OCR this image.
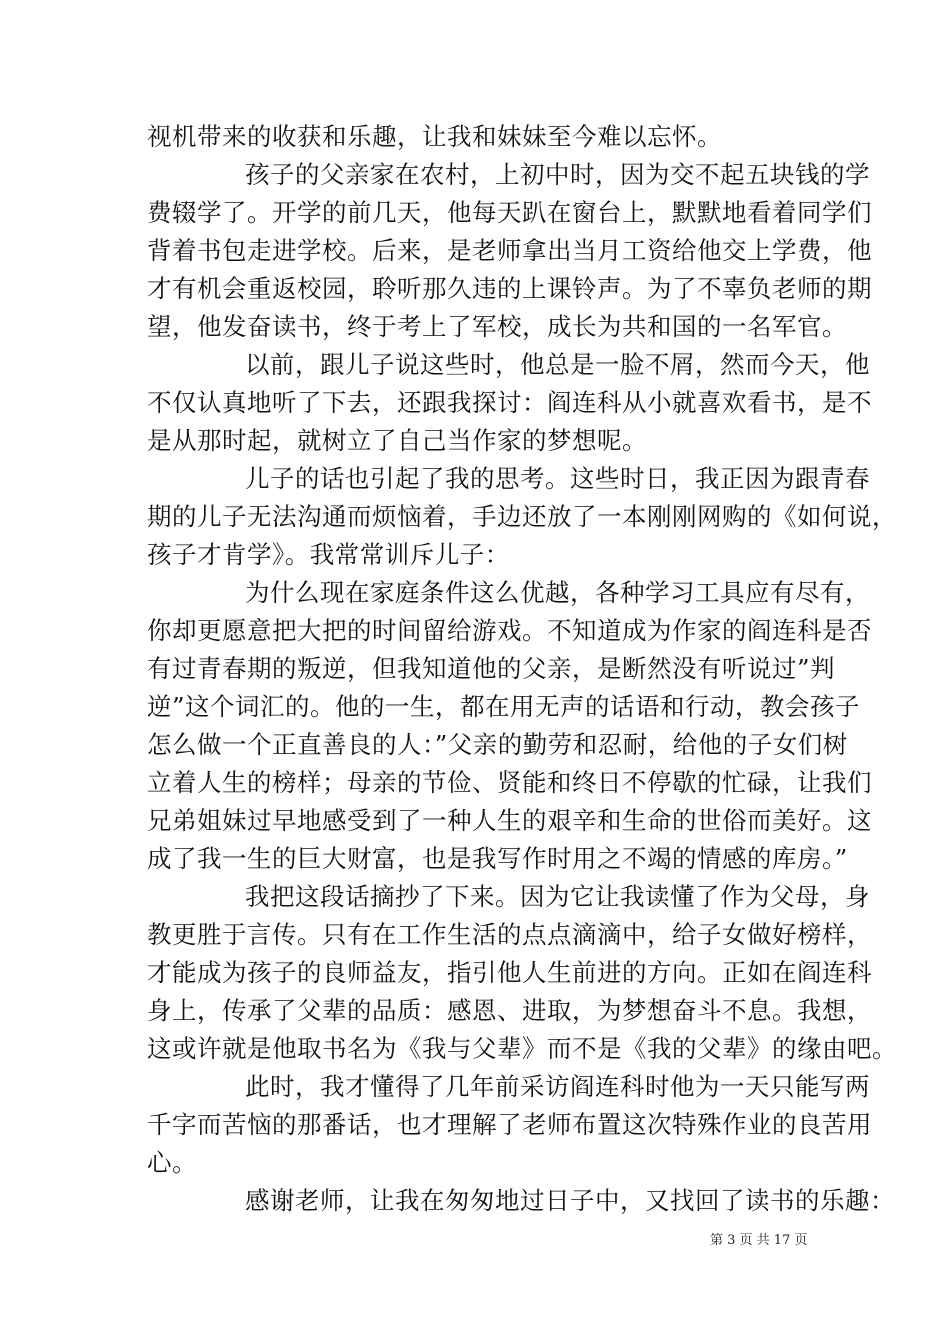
视机带来的收获和乐趣，让我和妹妹至今难以忘怀。
孩子的父亲家在农村，上初中时，因为交不起五块钱的学
费辍学了。开学的前几天，他每天趴在窗台上，默默地看着同学们
背着书包走进学校。后来，是老师拿出当月工资给他交上学费，他
才有机会重返校园，聆听那久违的上课铃声。为了不辜负老师的期
望，他发奋读书，终于考上了军校，成长为共和国的一名军官。
以前，跟儿子说这些时，他总是一脸不屑，然而今天，他
不仅认真地听了下去，还跟我探讨：阎连科从小就喜欢看书，是不
是从那时起，就树立了自己当作家的梦想呢。
儿子的话也引起了我的思考。这些时日，我正因为跟青春
期的儿子无法沟通而烦恼着，手边还放了一本刚刚网购的《如何说，
孩子才肯学》。我常常训斥儿子：
为什么现在家庭条件这么优越，各种学习工具应有尽有，
你却更愿意把大把的时间留给游戏。不知道成为作家的阎连科是否
有过青春期的叛逆，但我知道他的父亲，是断然没有听说过”判
逆”这个词汇的。他的一生，都在用无声的话语和行动，教会孩子
怎么做一个正直善良的人：”父亲的勤劳和忍耐，给他的子女们树
立着人生的榜样；母亲的节俭、贤能和终日不停歇的忙碌，让我们
兄弟姐妹过早地感受到了一种人生的艰辛和生命的世俗而美好。这
成了我一生的巨大财富，也是我写作时用之不竭的情感的库房。”
我把这段话摘抄了下来。因为它让我读懂了作为父母，身
教更胜于言传。只有在工作生活的点点滴滴中，给子女做好榜样，
才能成为孩子的良师益友，指引他人生前进的方向。正如在阎连科
身上，传承了父辈的品质：感恩、进取，为梦想奋斗不息。我想，
这或许就是他取书名为《我与父辈》而不是《我的父辈》的缘由吧。
此时，我才懂得了几年前采访阎连科时他为一天只能写两
千字而苦恼的那番话，也才理解了老师布置这次特殊作业的良苦用
心。
感谢老师，让我在匆匆地过日子中，又找回了读书的乐趣：
第 3 页 共 17 页
